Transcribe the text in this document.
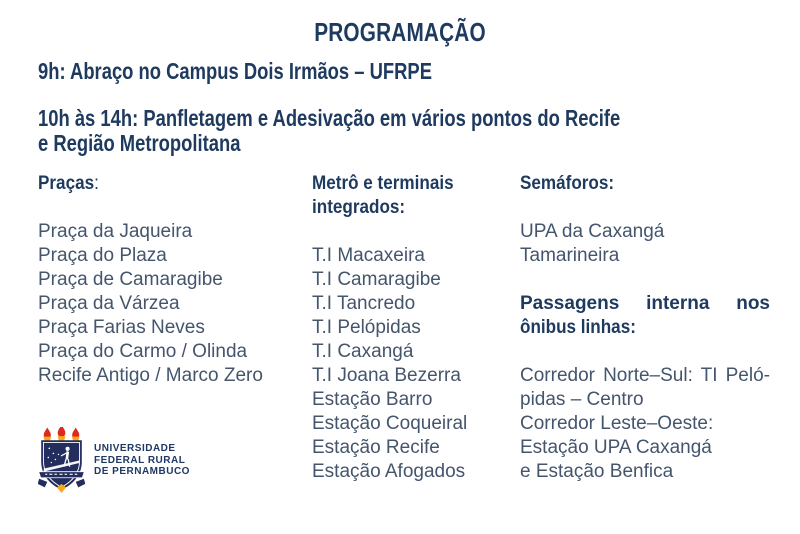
PROGRAMAÇÃO
9h: Abraço no Campus Dois Irmãos – UFRPE
10h às 14h: Panfletagem e Adesivação em vários pontos do Recife
e Região Metropolitana
Praças:
Praça da Jaqueira
Praça do Plaza
Praça de Camaragibe
Praça da Várzea
Praça Farias Neves
Praça do Carmo / Olinda
Recife Antigo / Marco Zero
Metrô e terminais
integrados:
T.I Macaxeira
T.I Camaragibe
T.I Tancredo
T.I Pelópidas
T.I Caxangá
T.I Joana Bezerra
Estação Barro
Estação Coqueiral
Estação Recife
Estação Afogados
Semáforos:
UPA da Caxangá
Tamarineira
Passagens interna nos
ônibus linhas:
Corredor Norte–Sul: TI Peló-
pidas – Centro
Corredor Leste–Oeste:
Estação UPA Caxangá
e Estação Benfica
UNIVERSIDADE
FEDERAL RURAL
DE PERNAMBUCO
